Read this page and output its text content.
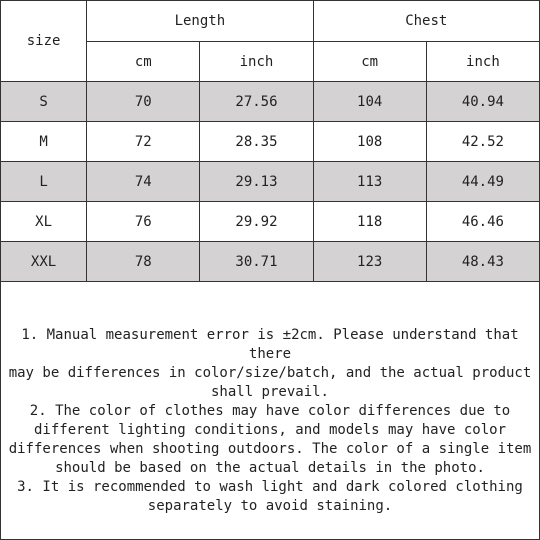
size	Length		Chest	
	cm	inch	cm	inch
S	70	27.56	104	40.94
M	72	28.35	108	42.52
L	74	29.13	113	44.49
XL	76	29.92	118	46.46
XXL	78	30.71	123	48.43
1. Manual measurement error is ±2cm. Please understand that there
may be differences in color/size/batch, and the actual product
shall prevail.
2. The color of clothes may have color differences due to
different lighting conditions, and models may have color
differences when shooting outdoors. The color of a single item
should be based on the actual details in the photo.
3. It is recommended to wash light and dark colored clothing
separately to avoid staining.
